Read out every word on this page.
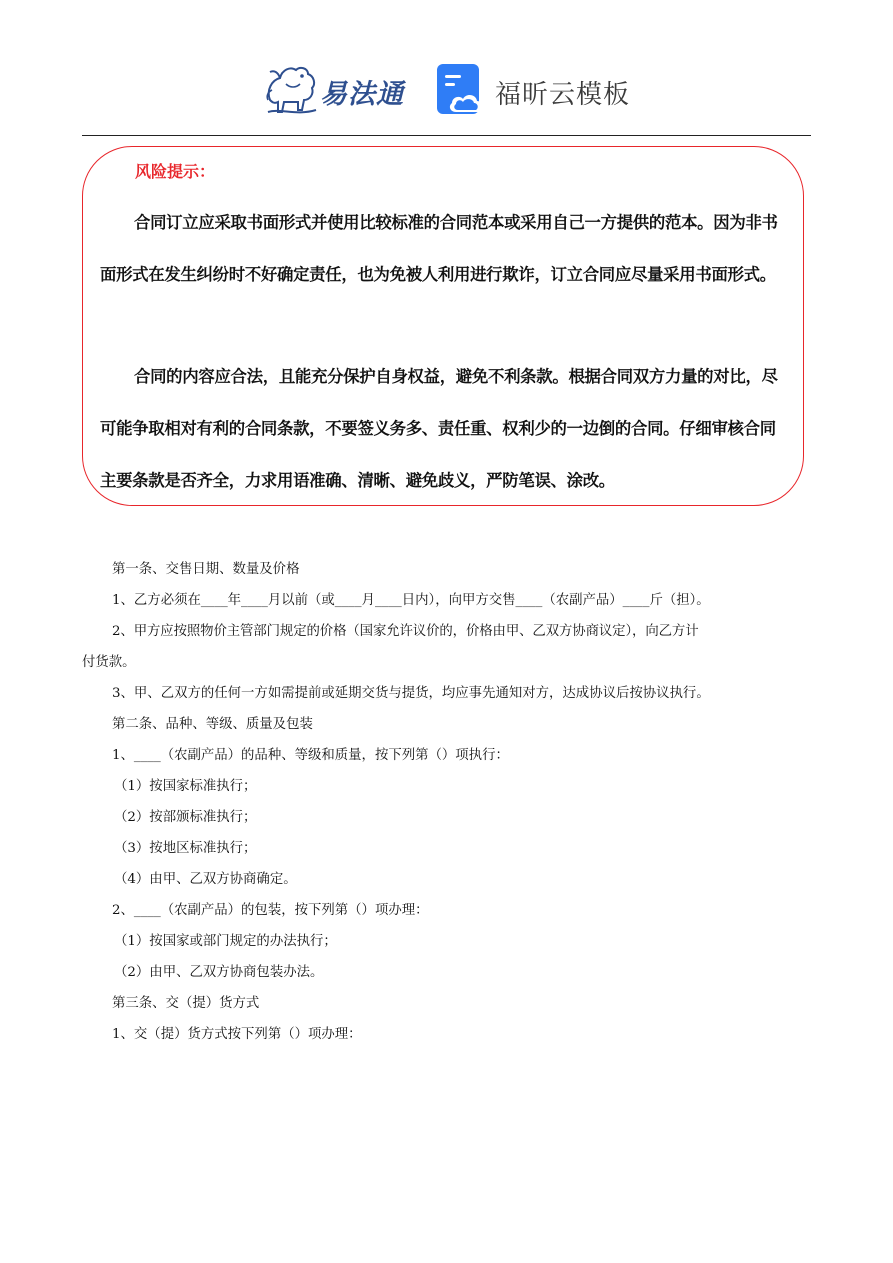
易法通	福昕云模板
风险提示：

合同订立应采取书面形式并使用比较标准的合同范本或采用自己一方提供的范本。因为非书面形式在发生纠纷时不好确定责任，也为免被人利用进行欺诈，订立合同应尽量采用书面形式。

合同的内容应合法，且能充分保护自身权益，避免不利条款。根据合同双方力量的对比，尽可能争取相对有利的合同条款，不要签义务多、责任重、权利少的一边倒的合同。仔细审核合同主要条款是否齐全，力求用语准确、清晰、避免歧义，严防笔误、涂改。

第一条、交售日期、数量及价格
1、乙方必须在____年____月以前（或____月____日内），向甲方交售____（农副产品）____斤（担）。
2、甲方应按照物价主管部门规定的价格（国家允许议价的，价格由甲、乙双方协商议定），向乙方计
付货款。
3、甲、乙双方的任何一方如需提前或延期交货与提货，均应事先通知对方，达成协议后按协议执行。
第二条、品种、等级、质量及包装
1、____（农副产品）的品种、等级和质量，按下列第（）项执行：
（1）按国家标准执行；
（2）按部颁标准执行；
（3）按地区标准执行；
（4）由甲、乙双方协商确定。
2、____（农副产品）的包装，按下列第（）项办理：
（1）按国家或部门规定的办法执行；
（2）由甲、乙双方协商包装办法。
第三条、交（提）货方式
1、交（提）货方式按下列第（）项办理：
